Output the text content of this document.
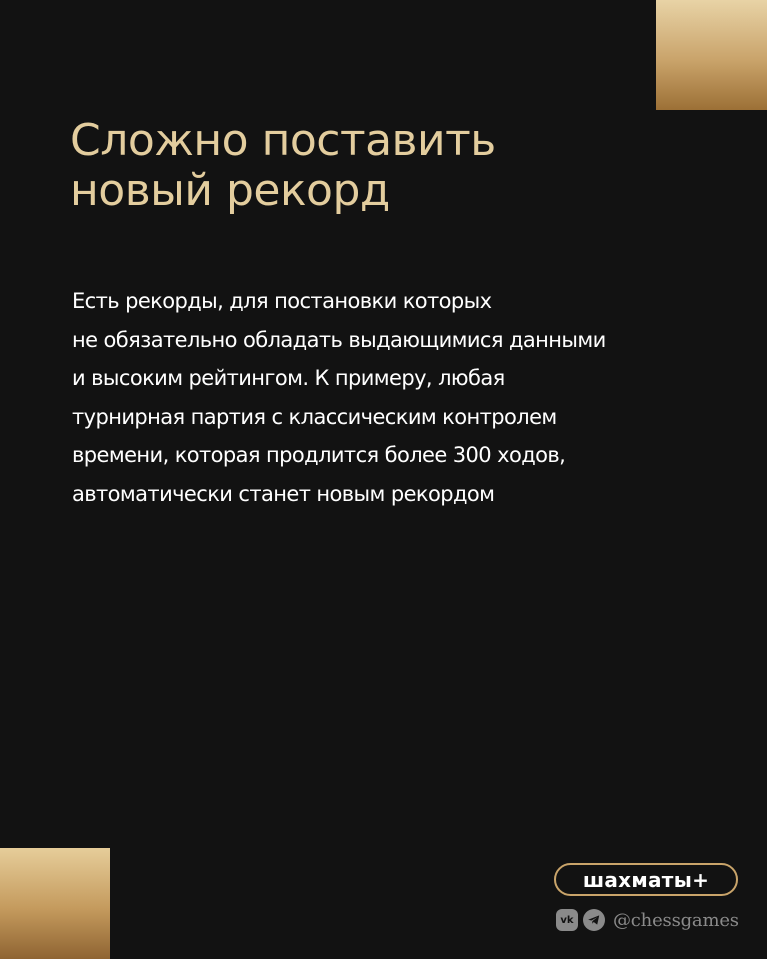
Сложно поставить
новый рекорд
Есть рекорды, для постановки которых
не обязательно обладать выдающимися данными
и высоким рейтингом. К примеру, любая
турнирная партия с классическим контролем
времени, которая продлится более 300 ходов,
автоматически станет новым рекордом
шахматы+
vk @chessgames
